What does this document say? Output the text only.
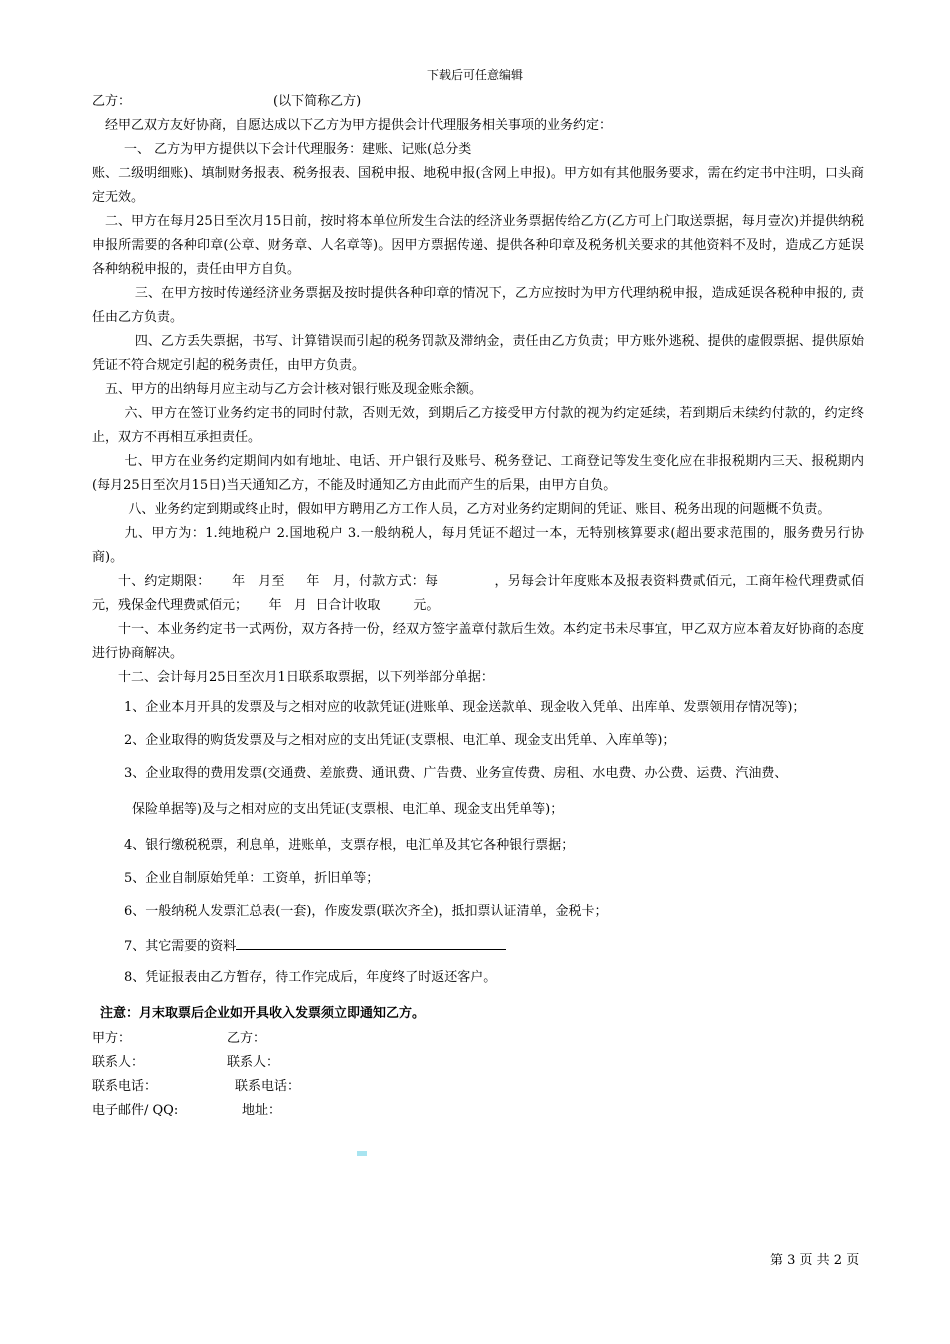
下载后可任意编辑

乙方：	(以下简称乙方)

经甲乙双方友好协商，自愿达成以下乙方为甲方提供会计代理服务相关事项的业务约定：

一、 乙方为甲方提供以下会计代理服务：建账、记账(总分类

账、二级明细账)、填制财务报表、税务报表、国税申报、地税申报(含网上申报)。甲方如有其他服务要求，需在约定书中注明，口头商定无效。

二、甲方在每月25日至次月15日前，按时将本单位所发生合法的经济业务票据传给乙方(乙方可上门取送票据，每月壹次)并提供纳税申报所需要的各种印章(公章、财务章、人名章等)。因甲方票据传递、提供各种印章及税务机关要求的其他资料不及时，造成乙方延误各种纳税申报的，责任由甲方自负。

三、在甲方按时传递经济业务票据及按时提供各种印章的情况下，乙方应按时为甲方代理纳税申报，造成延误各税种申报的, 责任由乙方负责。

四、乙方丢失票据，书写、计算错误而引起的税务罚款及滞纳金，责任由乙方负责；甲方账外逃税、提供的虚假票据、提供原始凭证不符合规定引起的税务责任，由甲方负责。

五、甲方的出纳每月应主动与乙方会计核对银行账及现金账余额。

六、甲方在签订业务约定书的同时付款，否则无效，到期后乙方接受甲方付款的视为约定延续，若到期后未续约付款的，约定终止，双方不再相互承担责任。

七、甲方在业务约定期间内如有地址、电话、开户银行及账号、税务登记、工商登记等发生变化应在非报税期内三天、报税期内(每月25日至次月15日)当天通知乙方，不能及时通知乙方由此而产生的后果，由甲方自负。

八、业务约定到期或终止时，假如甲方聘用乙方工作人员，乙方对业务约定期间的凭证、账目、税务出现的问题概不负责。

九、甲方为：1.纯地税户 2.国地税户 3.一般纳税人，每月凭证不超过一本，无特别核算要求(超出要求范围的，服务费另行协商)。

十、约定期限：     年   月至     年   月，付款方式：每             ，另每会计年度账本及报表资料费贰佰元，工商年检代理费贰佰元，残保金代理费贰佰元；     年   月  日合计收取        元。

十一、本业务约定书一式两份，双方各持一份，经双方签字盖章付款后生效。本约定书未尽事宜，甲乙双方应本着友好协商的态度进行协商解决。

十二、会计每月25日至次月1日联系取票据，以下列举部分单据：

1、企业本月开具的发票及与之相对应的收款凭证(进账单、现金送款单、现金收入凭单、出库单、发票领用存情况等)；

2、企业取得的购货发票及与之相对应的支出凭证(支票根、电汇单、现金支出凭单、入库单等)；

3、企业取得的费用发票(交通费、差旅费、通讯费、广告费、业务宣传费、房租、水电费、办公费、运费、汽油费、

保险单据等)及与之相对应的支出凭证(支票根、电汇单、现金支出凭单等)；

4、银行缴税税票，利息单，进账单，支票存根，电汇单及其它各种银行票据；

5、企业自制原始凭单：工资单，折旧单等；

6、一般纳税人发票汇总表(一套)，作废发票(联次齐全)，抵扣票认证清单，金税卡；

7、其它需要的资料

8、凭证报表由乙方暂存，待工作完成后，年度终了时返还客户。

注意：月末取票后企业如开具收入发票须立即通知乙方。

甲方：	乙方：
联系人：	联系人：
联系电话：	联系电话：
电子邮件/ QQ:	地址：
第 3 页 共 2 页
